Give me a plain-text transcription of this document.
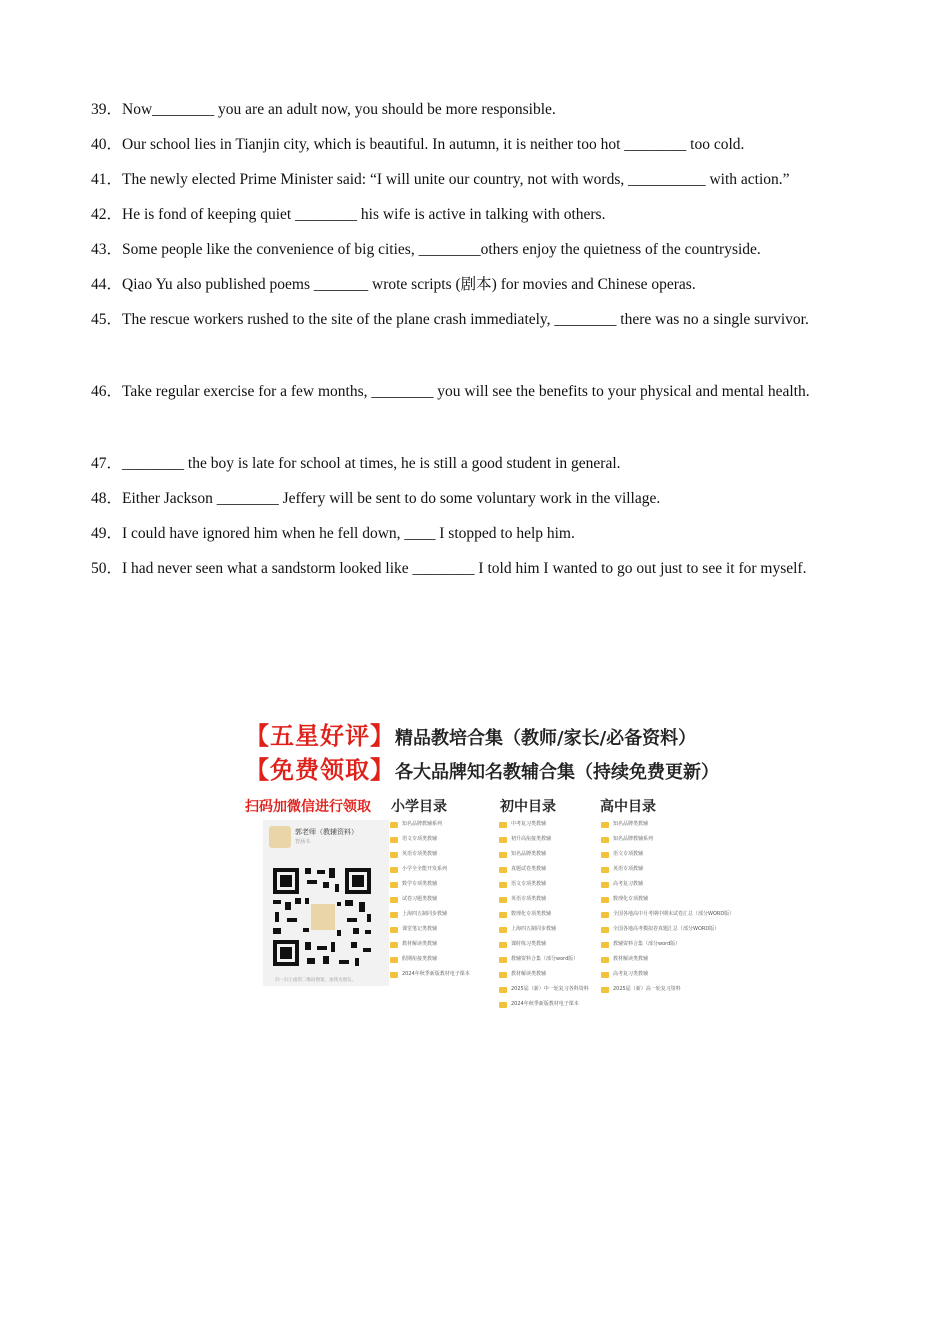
39．Now________ you are an adult now, you should be more responsible.
40．Our school lies in Tianjin city, which is beautiful. In autumn, it is neither too hot ________ too cold.
41．The newly elected Prime Minister said: “I will unite our country, not with words, __________ with action.”
42．He is fond of keeping quiet ________ his wife is active in talking with others.
43．Some people like the convenience of big cities, ________others enjoy the quietness of the countryside.
44．Qiao Yu also published poems _______ wrote scripts (剧本) for movies and Chinese operas.
45．The rescue workers rushed to the site of the plane crash immediately, ________ there was no a single survivor.
46．Take regular exercise for a few months, ________ you will see the benefits to your physical and mental health.
47．________ the boy is late for school at times, he is still a good student in general.
48．Either Jackson ________ Jeffery will be sent to do some voluntary work in the village.
49．I could have ignored him when he fell down, ____ I stopped to help him.
50．I had never seen what a sandstorm looked like ________ I told him I wanted to go out just to see it for myself.
【五星好评】精品教培合集（教师/家长/必备资料）
【免费领取】各大品牌知名教辅合集（持续免费更新）
扫码加微信进行领取 小学目录	初中目录	高中目录
郭老师（教辅资料）
智涵书
扫一扫上面的二维码图案，加我为朋友。
知名品牌教辅系列
语文专项类教辅
英语专项类教辅
小学全全能开发系列
数学专项类教辅
试卷习题类教辅
上海四五制同步教辅
课堂笔记类教辅
教材解读类教辅
假期衔接类教辅
2024年秋季新版教材电子课本
中考复习类教辅
初升高衔接类教辅
知名品牌类教辅
真题试卷类教辅
语文专项类教辅
英语专项类教辅
数理化专项类教辅
上海四五制同步教辅
课时练习类教辅
教辅资料合集（部分word版）
教材解读类教辅
2025届（新）中一轮复习各科资料
2024年秋季新版教材电子课本
知名品牌类教辅
知名品牌教辅系列
语文专项教辅
英语专项教辅
高考复习教辅
数理化专项教辅
全国各地高中月考期中期末试卷汇总（部分WORD版）
全国各地高考模拟卷真题汇总（部分WORD版）
教辅资料合集（部分word版）
教材解读类教辅
高考复习类教辅
2025届（新）高一轮复习资料
